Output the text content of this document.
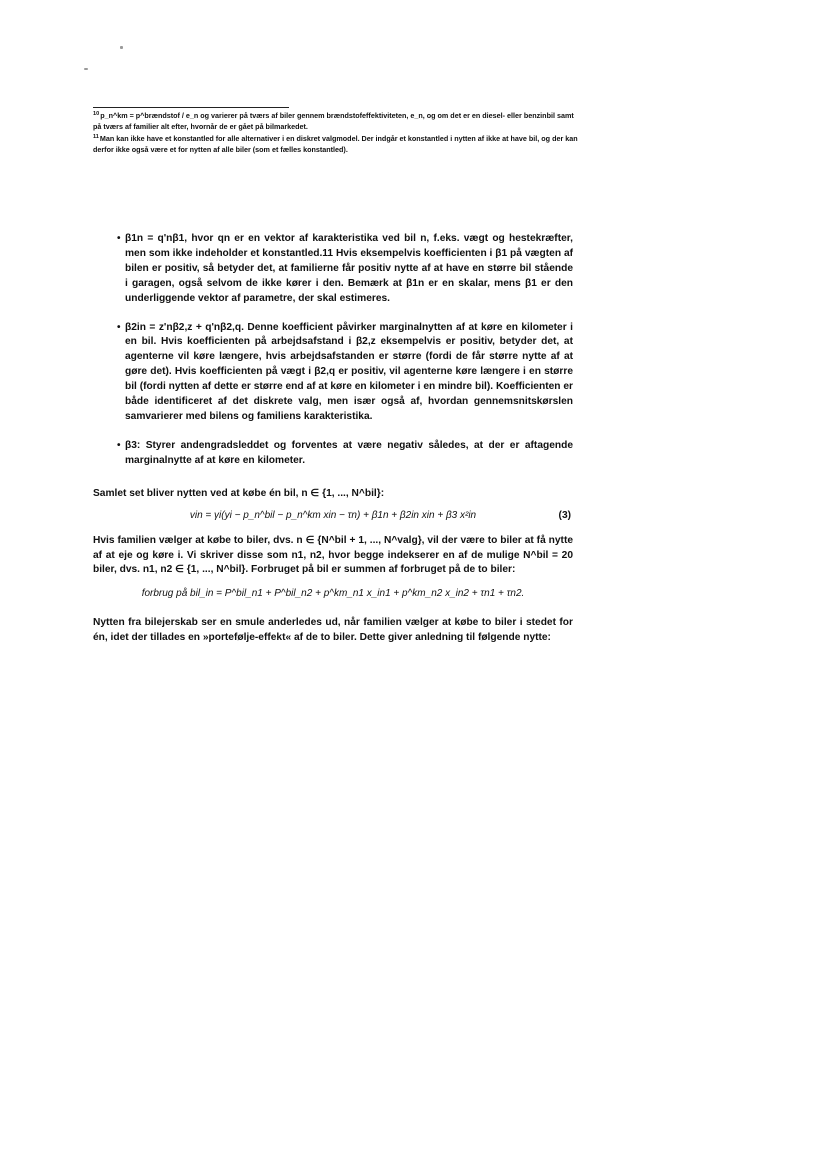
$^{10}$p_n^km = p^brændstof / e_n og varierer på tværs af biler gennem brændstofeffektiviteten, e_n, og om det er en diesel- eller benzinbil samt på tværs af familier alt efter, hvornår de er gået på bilmarkedet.

$^{11}$Man kan ikke have et konstantled for alle alternativer i en diskret valgmodel. Der indgår et konstantled i nytten af ikke at have bil, og der kan derfor ikke også være et for nytten af alle biler (som et fælles konstantled).

• β1n = q'nβ1, hvor qn er en vektor af karakteristika ved bil n, f.eks. vægt og hestekræfter, men som ikke indeholder et konstantled.11 Hvis eksempelvis koefficienten i β1 på vægten af bilen er positiv, så betyder det, at familierne får positiv nytte af at have en større bil stående i garagen, også selvom de ikke kører i den. Bemærk at β1n er en skalar, mens β1 er den underliggende vektor af parametre, der skal estimeres.
• β2in = z'nβ2,z + q'nβ2,q. Denne koefficient påvirker marginalnytten af at køre en kilometer i en bil. Hvis koefficienten på arbejdsafstand i β2,z eksempelvis er positiv, betyder det, at agenterne vil køre længere, hvis arbejdsafstanden er større (fordi de får større nytte af at gøre det). Hvis koefficienten på vægt i β2,q er positiv, vil agenterne køre længere i en større bil (fordi nytten af dette er større end af at køre en kilometer i en mindre bil). Koefficienten er både identificeret af det diskrete valg, men især også af, hvordan gennemsnitskørslen samvarierer med bilens og familiens karakteristika.
• β3: Styrer andengradsleddet og forventes at være negativ således, at der er aftagende marginalnytte af at køre en kilometer.

Samlet set bliver nytten ved at købe én bil, n ∈ {1, ..., N^bil}:

vin = γi(yi − p_n^bil − p_n^km xin − τn) + β1n + β2in xin + β3 x²in	(3)

Hvis familien vælger at købe to biler, dvs. n ∈ {N^bil + 1, ..., N^valg}, vil der være to biler at få nytte af at eje og køre i. Vi skriver disse som n1, n2, hvor begge indekserer en af de mulige N^bil = 20 biler, dvs. n1, n2 ∈ {1, ..., N^bil}. Forbruget på bil er summen af forbruget på de to biler:

forbrug på bil_in = P^bil_n1 + P^bil_n2 + p^km_n1 x_in1 + p^km_n2 x_in2 + τn1 + τn2.

Nytten fra bilejerskab ser en smule anderledes ud, når familien vælger at købe to biler i stedet for én, idet der tillades en »portefølje-effekt« af de to biler. Dette giver anledning til følgende nytte:
